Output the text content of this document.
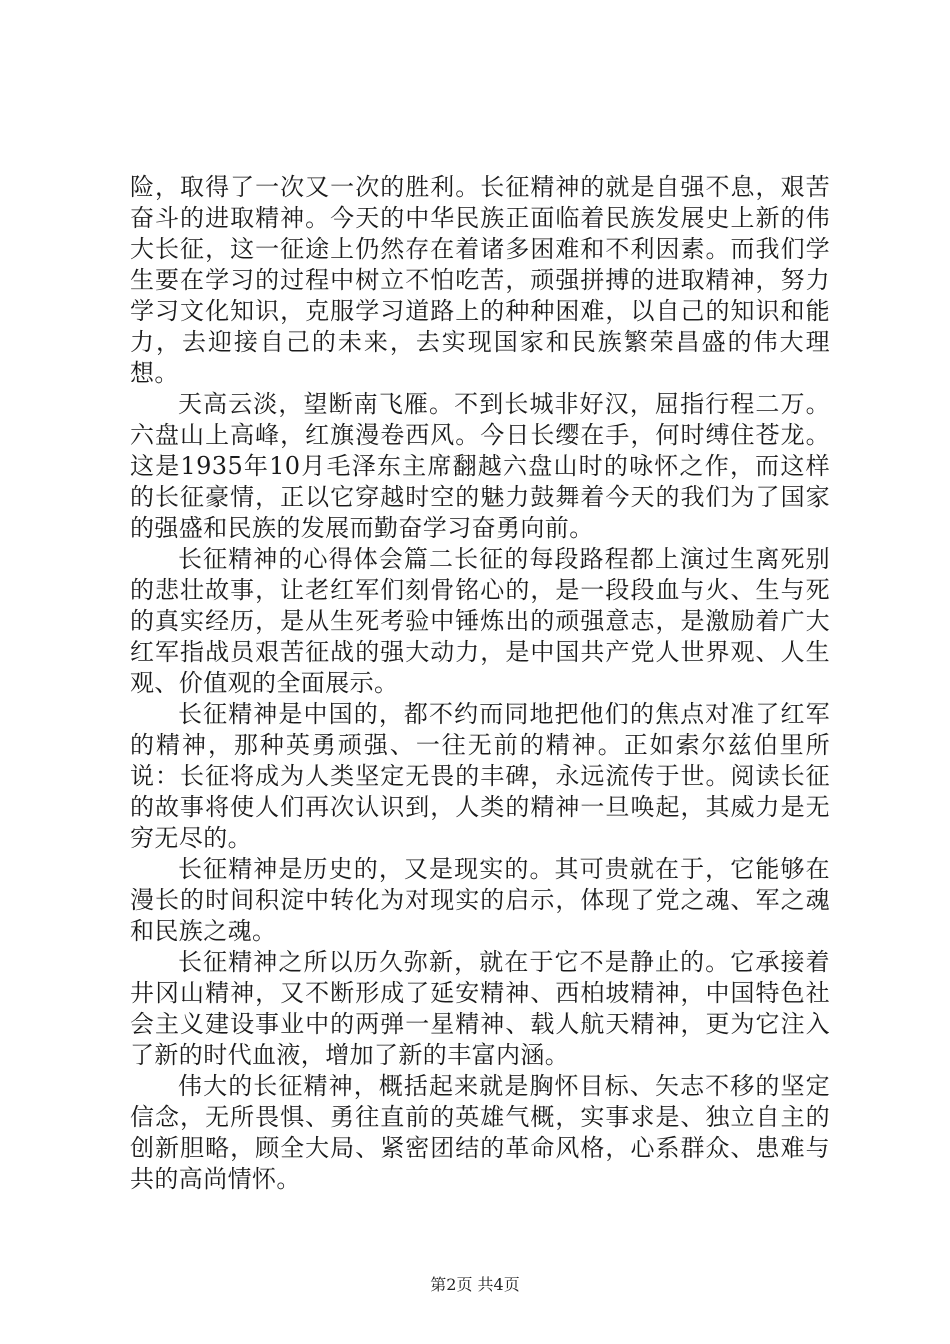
险，取得了一次又一次的胜利。长征精神的就是自强不息，艰苦奋斗的进取精神。今天的中华民族正面临着民族发展史上新的伟大长征，这一征途上仍然存在着诸多困难和不利因素。而我们学生要在学习的过程中树立不怕吃苦，顽强拼搏的进取精神，努力学习文化知识，克服学习道路上的种种困难，以自己的知识和能力，去迎接自己的未来，去实现国家和民族繁荣昌盛的伟大理想。

天高云淡，望断南飞雁。不到长城非好汉，屈指行程二万。六盘山上高峰，红旗漫卷西风。今日长缨在手，何时缚住苍龙。这是1935年10月毛泽东主席翻越六盘山时的咏怀之作，而这样的长征豪情，正以它穿越时空的魅力鼓舞着今天的我们为了国家的强盛和民族的发展而勤奋学习奋勇向前。

长征精神的心得体会篇二长征的每段路程都上演过生离死别的悲壮故事，让老红军们刻骨铭心的，是一段段血与火、生与死的真实经历，是从生死考验中锤炼出的顽强意志，是激励着广大红军指战员艰苦征战的强大动力，是中国共产党人世界观、人生观、价值观的全面展示。

长征精神是中国的，都不约而同地把他们的焦点对准了红军的精神，那种英勇顽强、一往无前的精神。正如索尔兹伯里所说：长征将成为人类坚定无畏的丰碑，永远流传于世。阅读长征的故事将使人们再次认识到，人类的精神一旦唤起，其威力是无穷无尽的。

长征精神是历史的，又是现实的。其可贵就在于，它能够在漫长的时间积淀中转化为对现实的启示，体现了党之魂、军之魂和民族之魂。

长征精神之所以历久弥新，就在于它不是静止的。它承接着井冈山精神，又不断形成了延安精神、西柏坡精神，中国特色社会主义建设事业中的两弹一星精神、载人航天精神，更为它注入了新的时代血液，增加了新的丰富内涵。

伟大的长征精神，概括起来就是胸怀目标、矢志不移的坚定信念，无所畏惧、勇往直前的英雄气概，实事求是、独立自主的创新胆略，顾全大局、紧密团结的革命风格，心系群众、患难与共的高尚情怀。

第2页 共4页
